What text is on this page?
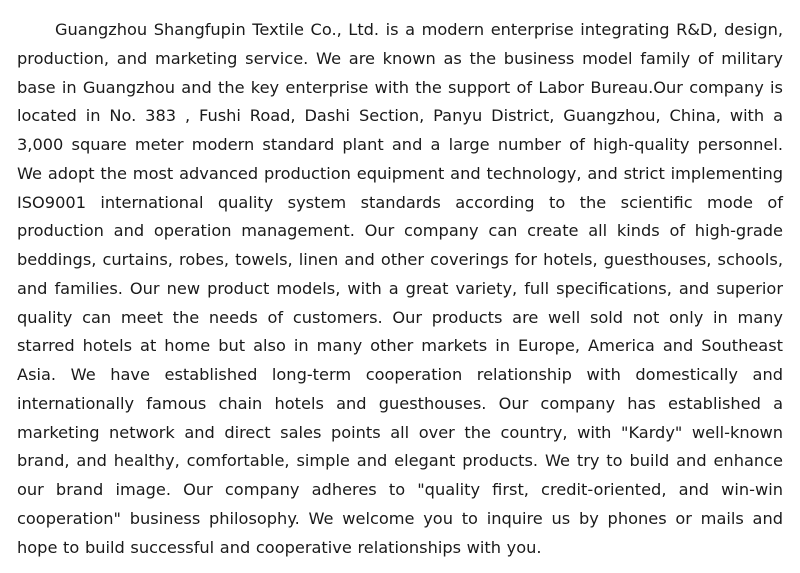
Guangzhou Shangfupin Textile Co., Ltd. is a modern enterprise integrating R&D, design, production, and marketing service. We are known as the business model family of military base in Guangzhou and the key enterprise with the support of Labor Bureau.Our company is located in No. 383 , Fushi Road, Dashi Section, Panyu District, Guangzhou, China, with a 3,000 square meter modern standard plant and a large number of high-quality personnel. We adopt the most advanced production equipment and technology, and strict implementing ISO9001 international quality system standards according to the scientific mode of production and operation management. Our company can create all kinds of high-grade beddings, curtains, robes, towels, linen and other coverings for hotels, guesthouses, schools, and families. Our new product models, with a great variety, full specifications, and superior quality can meet the needs of customers. Our products are well sold not only in many starred hotels at home but also in many other markets in Europe, America and Southeast Asia. We have established long-term cooperation relationship with domestically and internationally famous chain hotels and guesthouses. Our company has established a marketing network and direct sales points all over the country, with "Kardy" well-known brand, and healthy, comfortable, simple and elegant products. We try to build and enhance our brand image. Our company adheres to "quality first, credit-oriented, and win-win cooperation" business philosophy. We welcome you to inquire us by phones or mails and hope to build successful and cooperative relationships with you.
